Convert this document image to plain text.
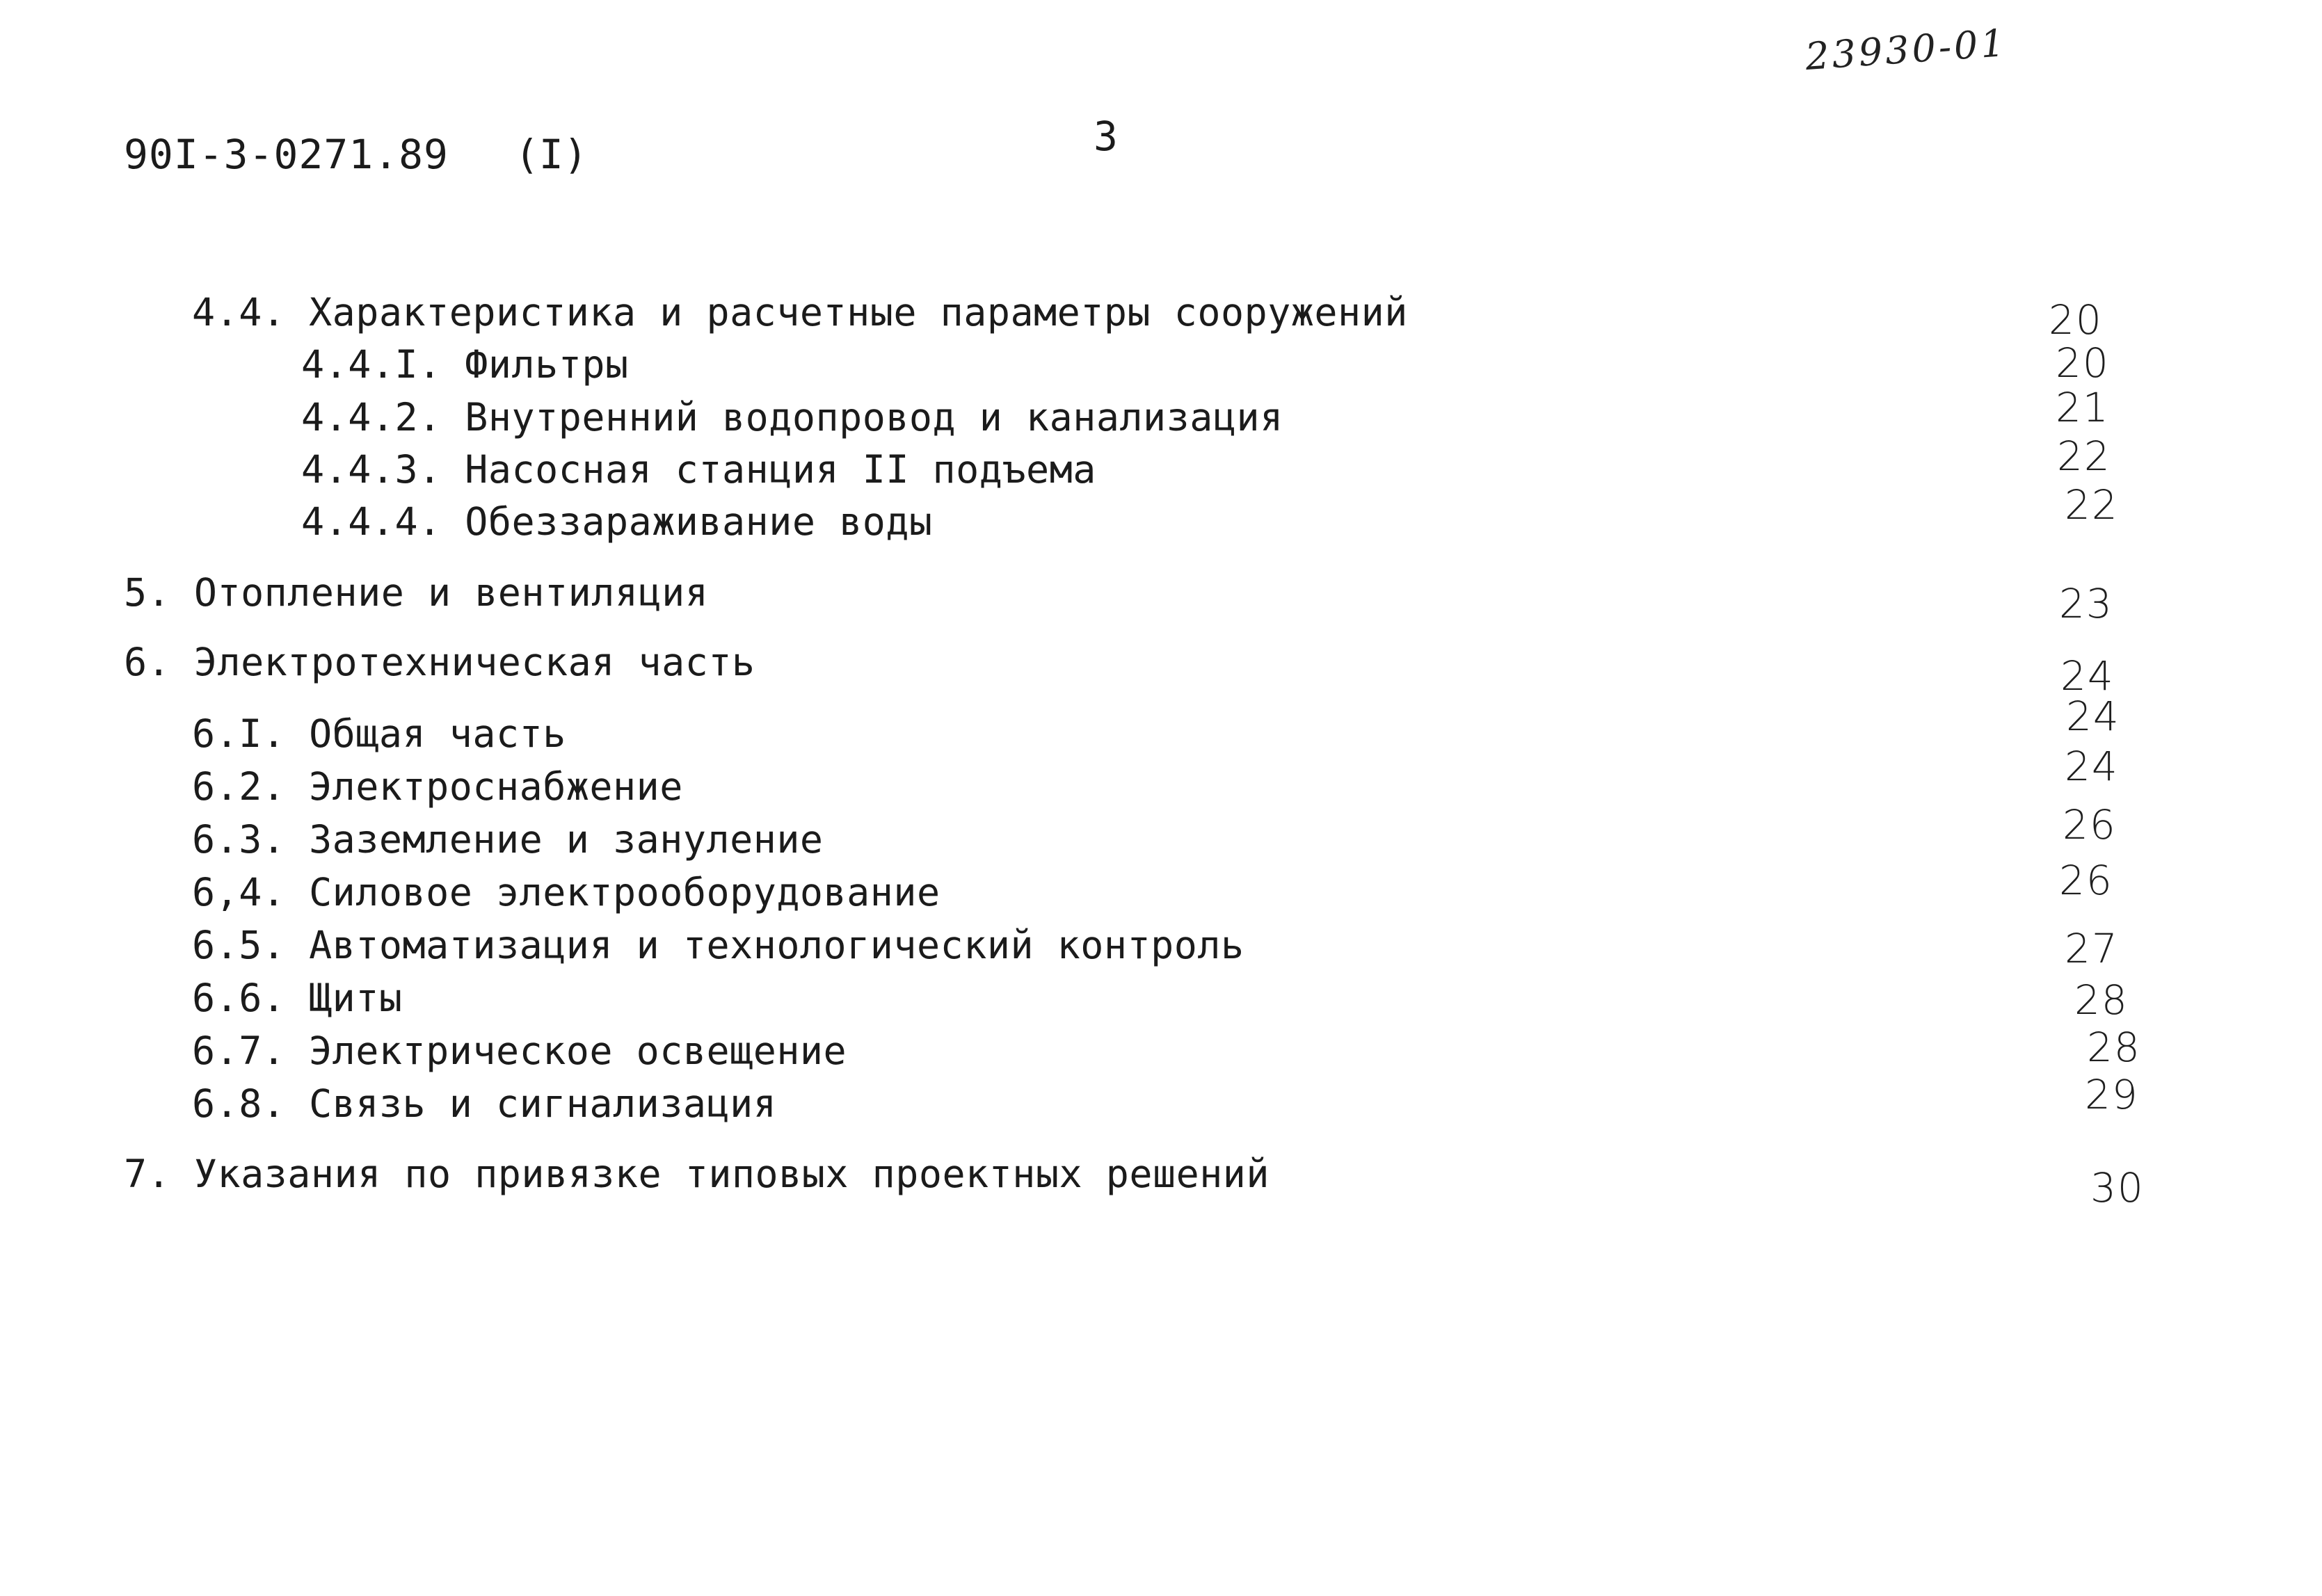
23930-01
90I-3-0271.89 (I)	3
4.4. Характеристика и расчетные параметры сооружений	20
4.4.I. Фильтры	20
4.4.2. Внутренний водопровод и канализация	21
4.4.3. Насосная станция II подъема	22
4.4.4. Обеззараживание воды	22
5. Отопление и вентиляция	23
6. Электротехническая часть	24
6.I. Общая часть	24
6.2. Электроснабжение	24
6.3. Заземление и зануление	26
6,4. Силовое электрооборудование	26
6.5. Автоматизация и технологический контроль	27
6.6. Щиты	28
6.7. Электрическое освещение	28
6.8. Связь и сигнализация	29
7. Указания по привязке типовых проектных решений	30
